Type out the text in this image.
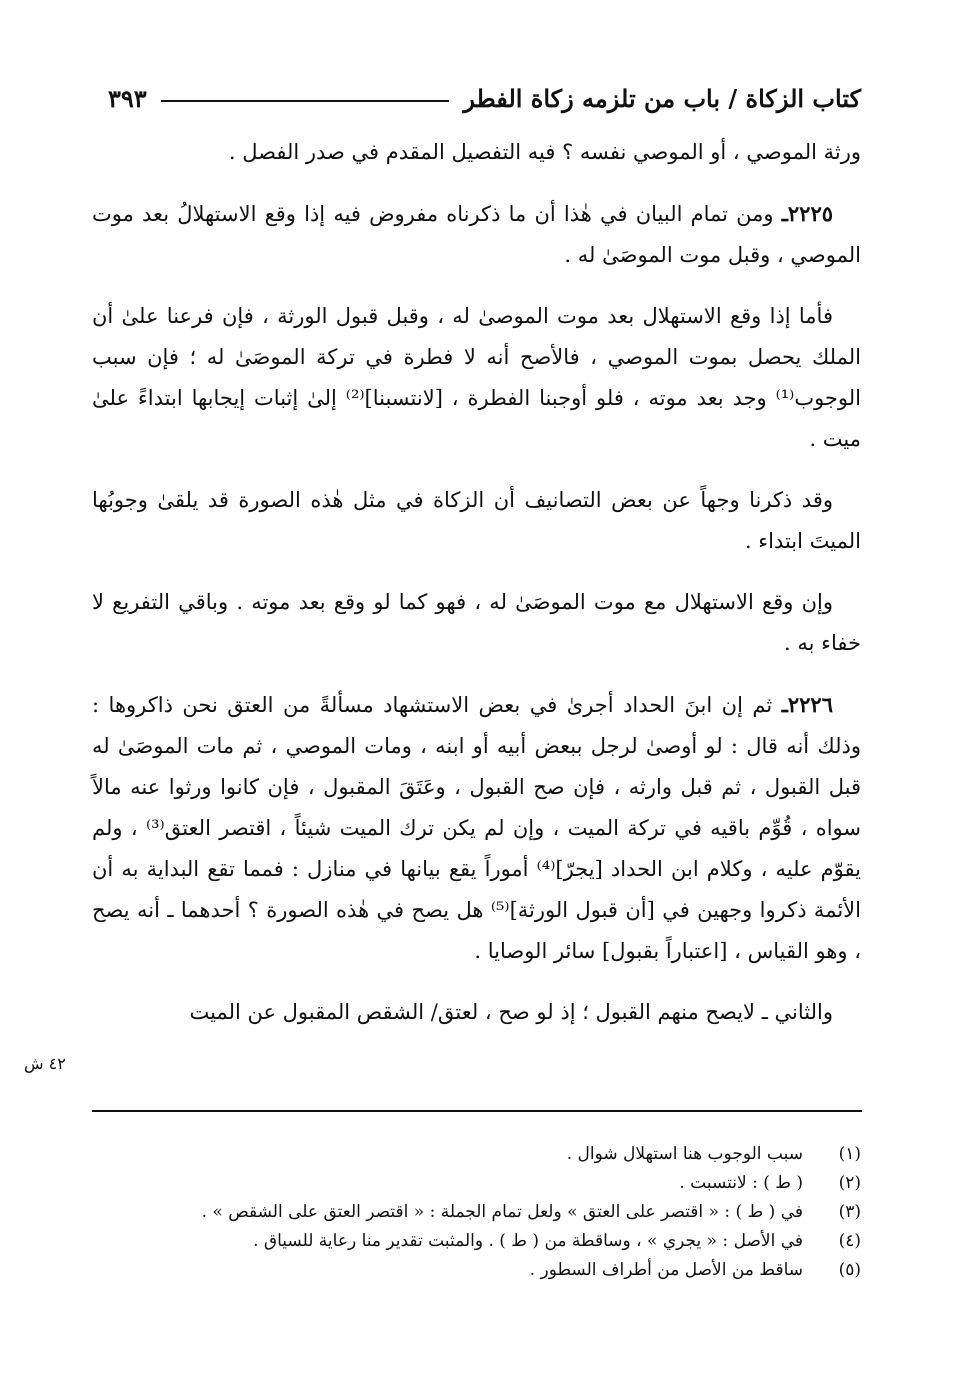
كتاب الزكاة / باب من تلزمه زكاة الفطر
٣٩٣

ورثة الموصي ، أو الموصي نفسه ؟ فيه التفصيل المقدم في صدر الفصل .

٢٢٢٥ـ ومن تمام البيان في هٰذا أن ما ذكرناه مفروض فيه إذا وقع الاستهلالُ بعد موت الموصي ، وقبل موت الموصَىٰ له .

فأما إذا وقع الاستهلال بعد موت الموصىٰ له ، وقبل قبول الورثة ، فإن فرعنا علىٰ أن الملك يحصل بموت الموصي ، فالأصح أنه لا فطرة في تركة الموصَىٰ له ؛ فإن سبب الوجوب⁽¹⁾ وجد بعد موته ، فلو أوجبنا الفطرة ، [لانتسبنا]⁽²⁾ إلىٰ إثبات إيجابها ابتداءً علىٰ ميت .

وقد ذكرنا وجهاً عن بعض التصانيف أن الزكاة في مثل هٰذه الصورة قد يلقىٰ وجوبُها الميتَ ابتداء .

وإن وقع الاستهلال مع موت الموصَىٰ له ، فهو كما لو وقع بعد موته . وباقي التفريع لا خفاء به .

٢٢٢٦ـ ثم إن ابنَ الحداد أجرىٰ في بعض الاستشهاد مسألةً من العتق نحن ذاكروها : وذلك أنه قال : لو أوصىٰ لرجل ببعض أبيه أو ابنه ، ومات الموصي ، ثم مات الموصَىٰ له قبل القبول ، ثم قبل وارثه ، فإن صح القبول ، وعَتَقَ المقبول ، فإن كانوا ورثوا عنه مالاً سواه ، قُوِّم باقيه في تركة الميت ، وإن لم يكن ترك الميت شيئاً ، اقتصر العتق⁽³⁾ ، ولم يقوّم عليه ، وكلام ابن الحداد [يجرّ]⁽⁴⁾ أموراً يقع بيانها في منازل : فمما تقع البداية به أن الأئمة ذكروا وجهين في [أن قبول الورثة]⁽⁵⁾ هل يصح في هٰذه الصورة ؟ أحدهما ـ أنه يصح ، وهو القياس ، [اعتباراً بقبول] سائر الوصايا .

والثاني ـ لايصح منهم القبول ؛ إذ لو صح ، لعتق/ الشقص المقبول عن الميت

٤٢ ش
(١)
سبب الوجوب هنا استهلال شوال .
(٢)
( ط ) : لانتسبت .
(٣)
في ( ط ) : « اقتصر على العتق » ولعل تمام الجملة : « اقتصر العتق على الشقص » .
(٤)
في الأصل : « يجري » ، وساقطة من ( ط ) . والمثبت تقدير منا رعاية للسياق .
(٥)
ساقط من الأصل من أطراف السطور .
